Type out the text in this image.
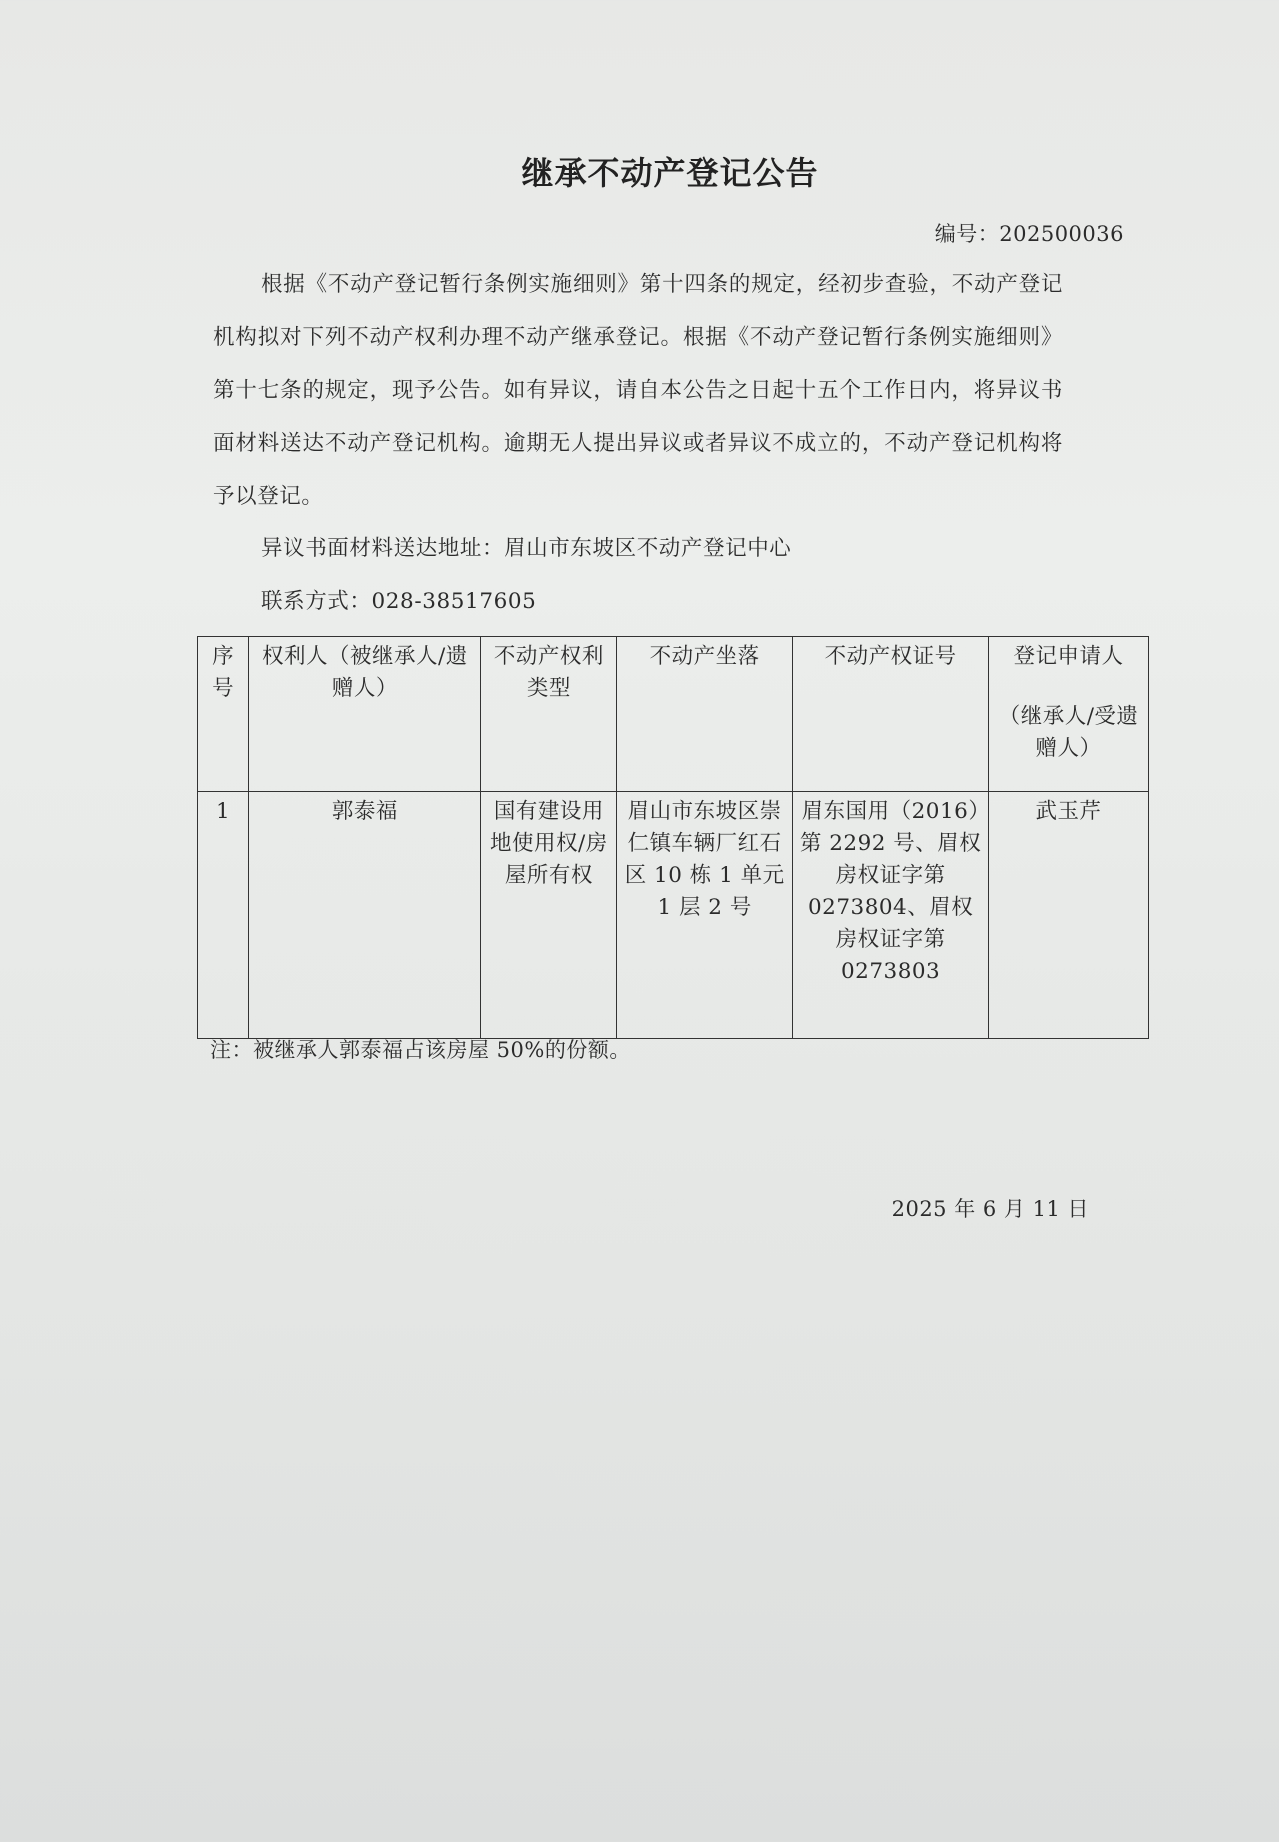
继承不动产登记公告
编号：202500036
根据《不动产登记暂行条例实施细则》第十四条的规定，经初步查验，不动产登记机构拟对下列不动产权利办理不动产继承登记。根据《不动产登记暂行条例实施细则》第十七条的规定，现予公告。如有异议，请自本公告之日起十五个工作日内，将异议书面材料送达不动产登记机构。逾期无人提出异议或者异议不成立的，不动产登记机构将予以登记。
异议书面材料送达地址：眉山市东坡区不动产登记中心
联系方式：028-38517605
序号	权利人（被继承人/遗赠人）	不动产权利类型	不动产坐落	不动产权证号	登记申请人
（继承人/受遗赠人）

1	郭泰福	国有建设用地使用权/房屋所有权	眉山市东坡区崇仁镇车辆厂红石区 10 栋 1 单元 1 层 2 号	眉东国用（2016）第 2292 号、眉权房权证字第 0273804、眉权房权证字第 0273803	武玉芹
注：被继承人郭泰福占该房屋 50%的份额。
2025 年 6 月 11 日
